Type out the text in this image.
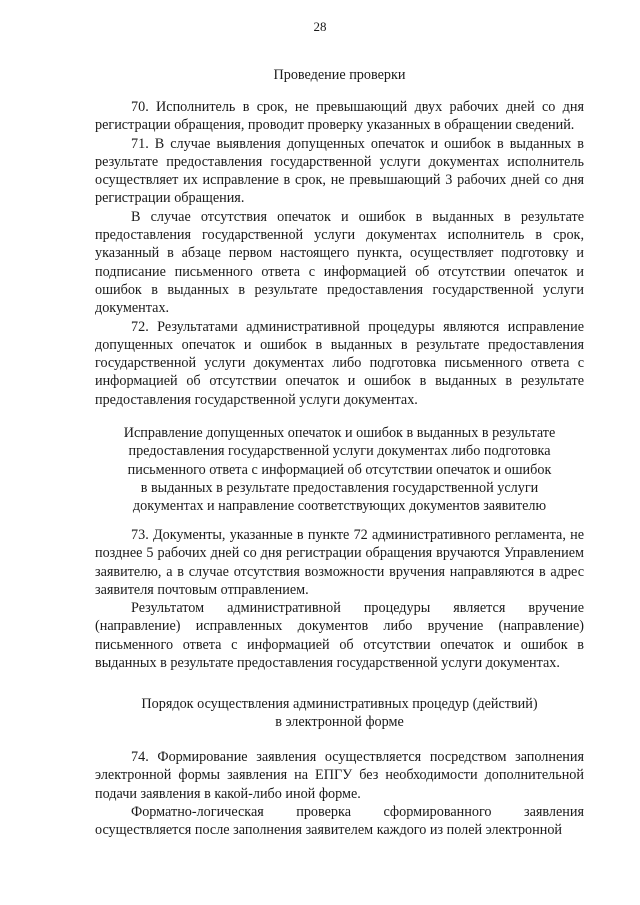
28

Проведение проверки

70. Исполнитель в срок, не превышающий двух рабочих дней со дня регистрации обращения, проводит проверку указанных в обращении сведений.

71. В случае выявления допущенных опечаток и ошибок в выданных в результате предоставления государственной услуги документах исполнитель осуществляет их исправление в срок, не превышающий 3 рабочих дней со дня регистрации обращения.

В случае отсутствия опечаток и ошибок в выданных в результате предоставления государственной услуги документах исполнитель в срок, указанный в абзаце первом настоящего пункта, осуществляет подготовку и подписание письменного ответа с информацией об отсутствии опечаток и ошибок в выданных в результате предоставления государственной услуги документах.

72. Результатами административной процедуры являются исправление допущенных опечаток и ошибок в выданных в результате предоставления государственной услуги документах либо подготовка письменного ответа с информацией об отсутствии опечаток и ошибок в выданных в результате предоставления государственной услуги документах.

Исправление допущенных опечаток и ошибок в выданных в результате

предоставления государственной услуги документах либо подготовка

письменного ответа с информацией об отсутствии опечаток и ошибок

в выданных в результате предоставления государственной услуги

документах и направление соответствующих документов заявителю

73. Документы, указанные в пункте 72 административного регламента, не позднее 5 рабочих дней со дня регистрации обращения вручаются Управлением заявителю, а в случае отсутствия возможности вручения направляются в адрес заявителя почтовым отправлением.

Результатом административной процедуры является вручение (направление) исправленных документов либо вручение (направление) письменного ответа с информацией об отсутствии опечаток и ошибок в выданных в результате предоставления государственной услуги документах.

Порядок осуществления административных процедур (действий)

в электронной форме

74. Формирование заявления осуществляется посредством заполнения электронной формы заявления на ЕПГУ без необходимости дополнительной подачи заявления в какой-либо иной форме.

Форматно-логическая проверка сформированного заявления осуществляется после заполнения заявителем каждого из полей электронной
